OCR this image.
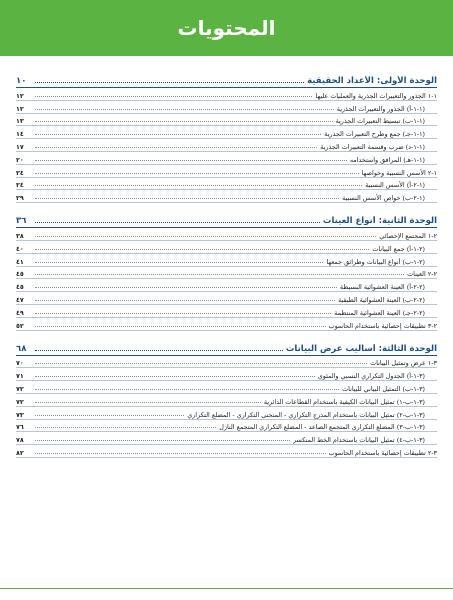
المحتويات
الوحدة الأولى: الأعداد الحقيقية
١٠
١-١ الجذور والتعبيرات الجذرية والعمليات عليها
١٢
(١-١-أ) الجذور والتعبيرات الجذرية
١٢
(١-١-ب) تبسيط التعبيرات الجذرية
١٣
(١-١-جـ) جمع وطرح التعبيرات الجذرية
١٤
(١-١-د) ضرب وقسمة التعبيرات الجذرية
١٧
(١-١-هـ) المرافق واستخدامه
٢٠
١-٢ الأسس النسبية وخواصها
٢٤
(١-٢-أ) الأسس النسبية
٢٤
(١-٢-ب) خواص الأسس النسبية
٢٩
الوحدة الثانية: أنواع العينات
٣٦
٢-١ المجتمع الإحصائي
٣٨
(٢-١-أ) جمع البيانات
٤٠
(٢-١-ب) أنواع البيانات وطرائق جمعها
٤١
٢-٢ العينات
٤٥
(٢-٢-أ) العينة العشوائية البسيطة
٤٥
(٢-٢-ب) العينة العشوائية الطبقية
٤٧
(٢-٢-جـ) العينة العشوائية المنتظمة
٤٩
٢-٣ تطبيقات إحصائية باستخدام الحاسوب
٥٢
الوحدة الثالثة: أساليب عرض البيانات
٦٨
٣-١ عرض وتمثيل البيانات
٧٠
(٣-١-أ) الجدول التكراري النسبي والمئوي
٧١
(٣-١-ب) التمثيل البياني للبيانات
٧٢
(٣-١-ب-١) تمثيل البيانات الكيفية باستخدام القطاعات الدائرية
٧٢
(٣-١-ب-٢) تمثيل البيانات باستخدام المدرج التكراري - المنحنى التكراري - المضلع التكراري
٧٣
(٣-١-ب-٣) المضلع التكراري المتجمع الصاعد - المضلع التكراري المتجمع النازل
٧٦
(٣-١-ب-٤) تمثيل البيانات باستخدام الخط المنكسر
٧٨
٣-٢ تطبيقات إحصائية باستخدام الحاسوب
٨٢
